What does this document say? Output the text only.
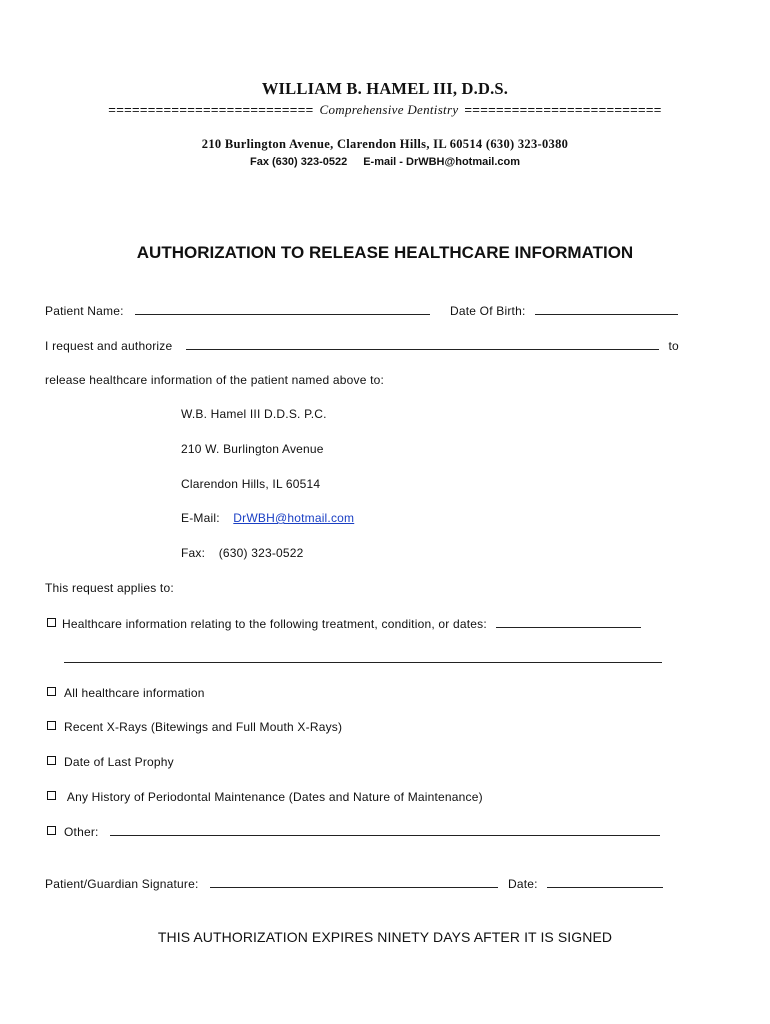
WILLIAM B. HAMEL III, D.D.S.
========================== Comprehensive Dentistry =========================
210 Burlington Avenue, Clarendon Hills, IL 60514 (630) 323-0380
Fax (630) 323-0522 E-mail - DrWBH@hotmail.com
AUTHORIZATION TO RELEASE HEALTHCARE INFORMATION
Patient Name:	Date Of Birth:
I request and authorize	to
release healthcare information of the patient named above to:
W.B. Hamel III D.D.S. P.C.
210 W. Burlington Avenue
Clarendon Hills, IL 60514
E-Mail: DrWBH@hotmail.com
Fax: (630) 323-0522
This request applies to:
Healthcare information relating to the following treatment, condition, or dates:
All healthcare information
Recent X-Rays (Bitewings and Full Mouth X-Rays)
Date of Last Prophy
Any History of Periodontal Maintenance (Dates and Nature of Maintenance)
Other:
Patient/Guardian Signature:	Date:
THIS AUTHORIZATION EXPIRES NINETY DAYS AFTER IT IS SIGNED
